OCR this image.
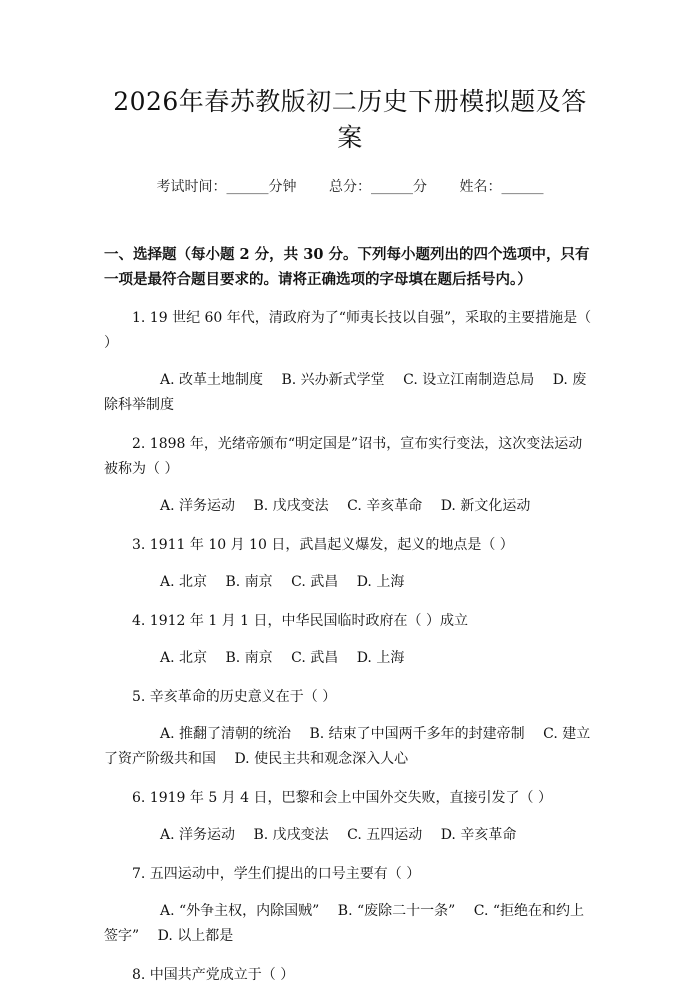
2026年春苏教版初二历史下册模拟题及答案
考试时间：______分钟 总分：______分 姓名：______
一、选择题（每小题 2 分，共 30 分。下列每小题列出的四个选项中，只有一项是最符合题目要求的。请将正确选项的字母填在题后括号内。）
1. 19 世纪 60 年代，清政府为了“师夷长技以自强”，采取的主要措施是（ ）
A. 改革土地制度 B. 兴办新式学堂 C. 设立江南制造总局 D. 废除科举制度
2. 1898 年，光绪帝颁布“明定国是”诏书，宣布实行变法，这次变法运动被称为（ ）
A. 洋务运动 B. 戊戌变法 C. 辛亥革命 D. 新文化运动
3. 1911 年 10 月 10 日，武昌起义爆发，起义的地点是（ ）
A. 北京 B. 南京 C. 武昌 D. 上海
4. 1912 年 1 月 1 日，中华民国临时政府在（ ）成立
A. 北京 B. 南京 C. 武昌 D. 上海
5. 辛亥革命的历史意义在于（ ）
A. 推翻了清朝的统治 B. 结束了中国两千多年的封建帝制 C. 建立了资产阶级共和国 D. 使民主共和观念深入人心
6. 1919 年 5 月 4 日，巴黎和会上中国外交失败，直接引发了（ ）
A. 洋务运动 B. 戊戌变法 C. 五四运动 D. 辛亥革命
7. 五四运动中，学生们提出的口号主要有（ ）
A. “外争主权，内除国贼” B. “废除二十一条” C. “拒绝在和约上签字” D. 以上都是
8. 中国共产党成立于（ ）
